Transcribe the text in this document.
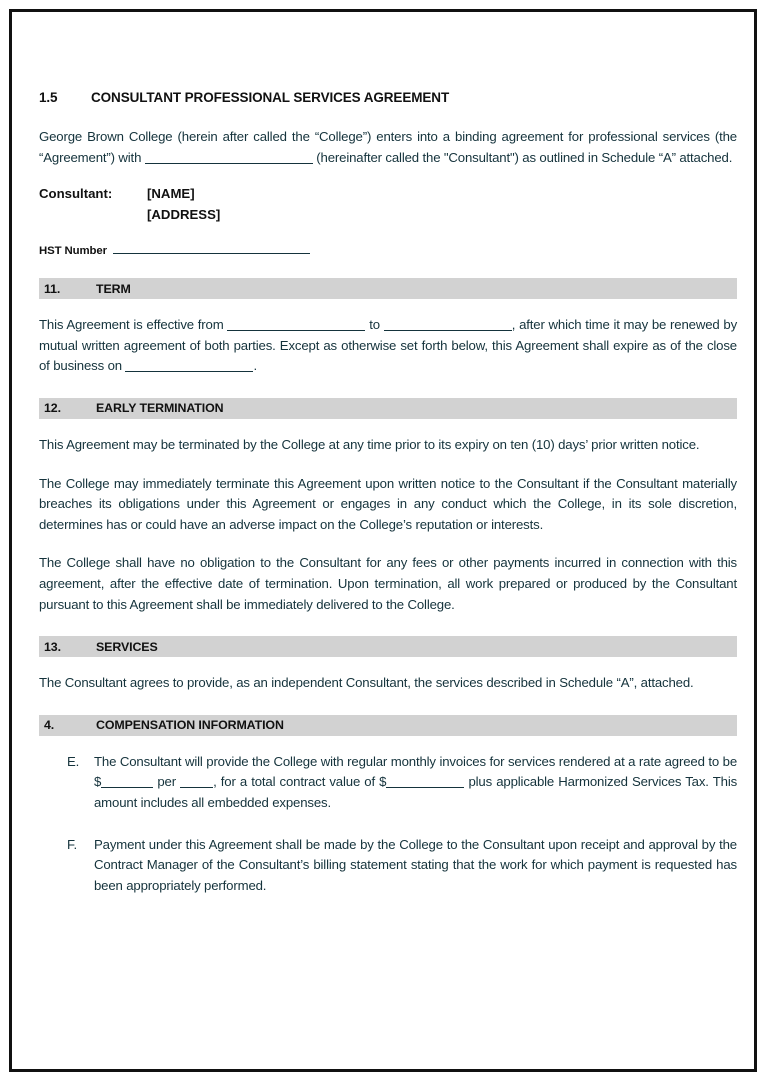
1.5	CONSULTANT PROFESSIONAL SERVICES AGREEMENT

George Brown College (herein after called the “College”) enters into a binding agreement for professional services (the “Agreement”) with	(hereinafter called the "Consultant") as outlined in Schedule “A” attached.

Consultant:	[NAME]
[ADDRESS]
HST Number
11.	TERM

This Agreement is effective from	to	, after which time it may be renewed by mutual written agreement of both parties. Except as otherwise set forth below, this Agreement shall expire as of the close of business on	.

12.	EARLY TERMINATION

This Agreement may be terminated by the College at any time prior to its expiry on ten (10) days’ prior written notice.

The College may immediately terminate this Agreement upon written notice to the Consultant if the Consultant materially breaches its obligations under this Agreement or engages in any conduct which the College, in its sole discretion, determines has or could have an adverse impact on the College’s reputation or interests.

The College shall have no obligation to the Consultant for any fees or other payments incurred in connection with this agreement, after the effective date of termination. Upon termination, all work prepared or produced by the Consultant pursuant to this Agreement shall be immediately delivered to the College.

13.	SERVICES

The Consultant agrees to provide, as an independent Consultant, the services described in Schedule “A”, attached.

4.	COMPENSATION INFORMATION
E.	The Consultant will provide the College with regular monthly invoices for services rendered at a rate agreed to be $	per	, for a total contract value of $	plus applicable Harmonized Services Tax. This amount includes all embedded expenses.
F.	Payment under this Agreement shall be made by the College to the Consultant upon receipt and approval by the Contract Manager of the Consultant’s billing statement stating that the work for which payment is requested has been appropriately performed.
